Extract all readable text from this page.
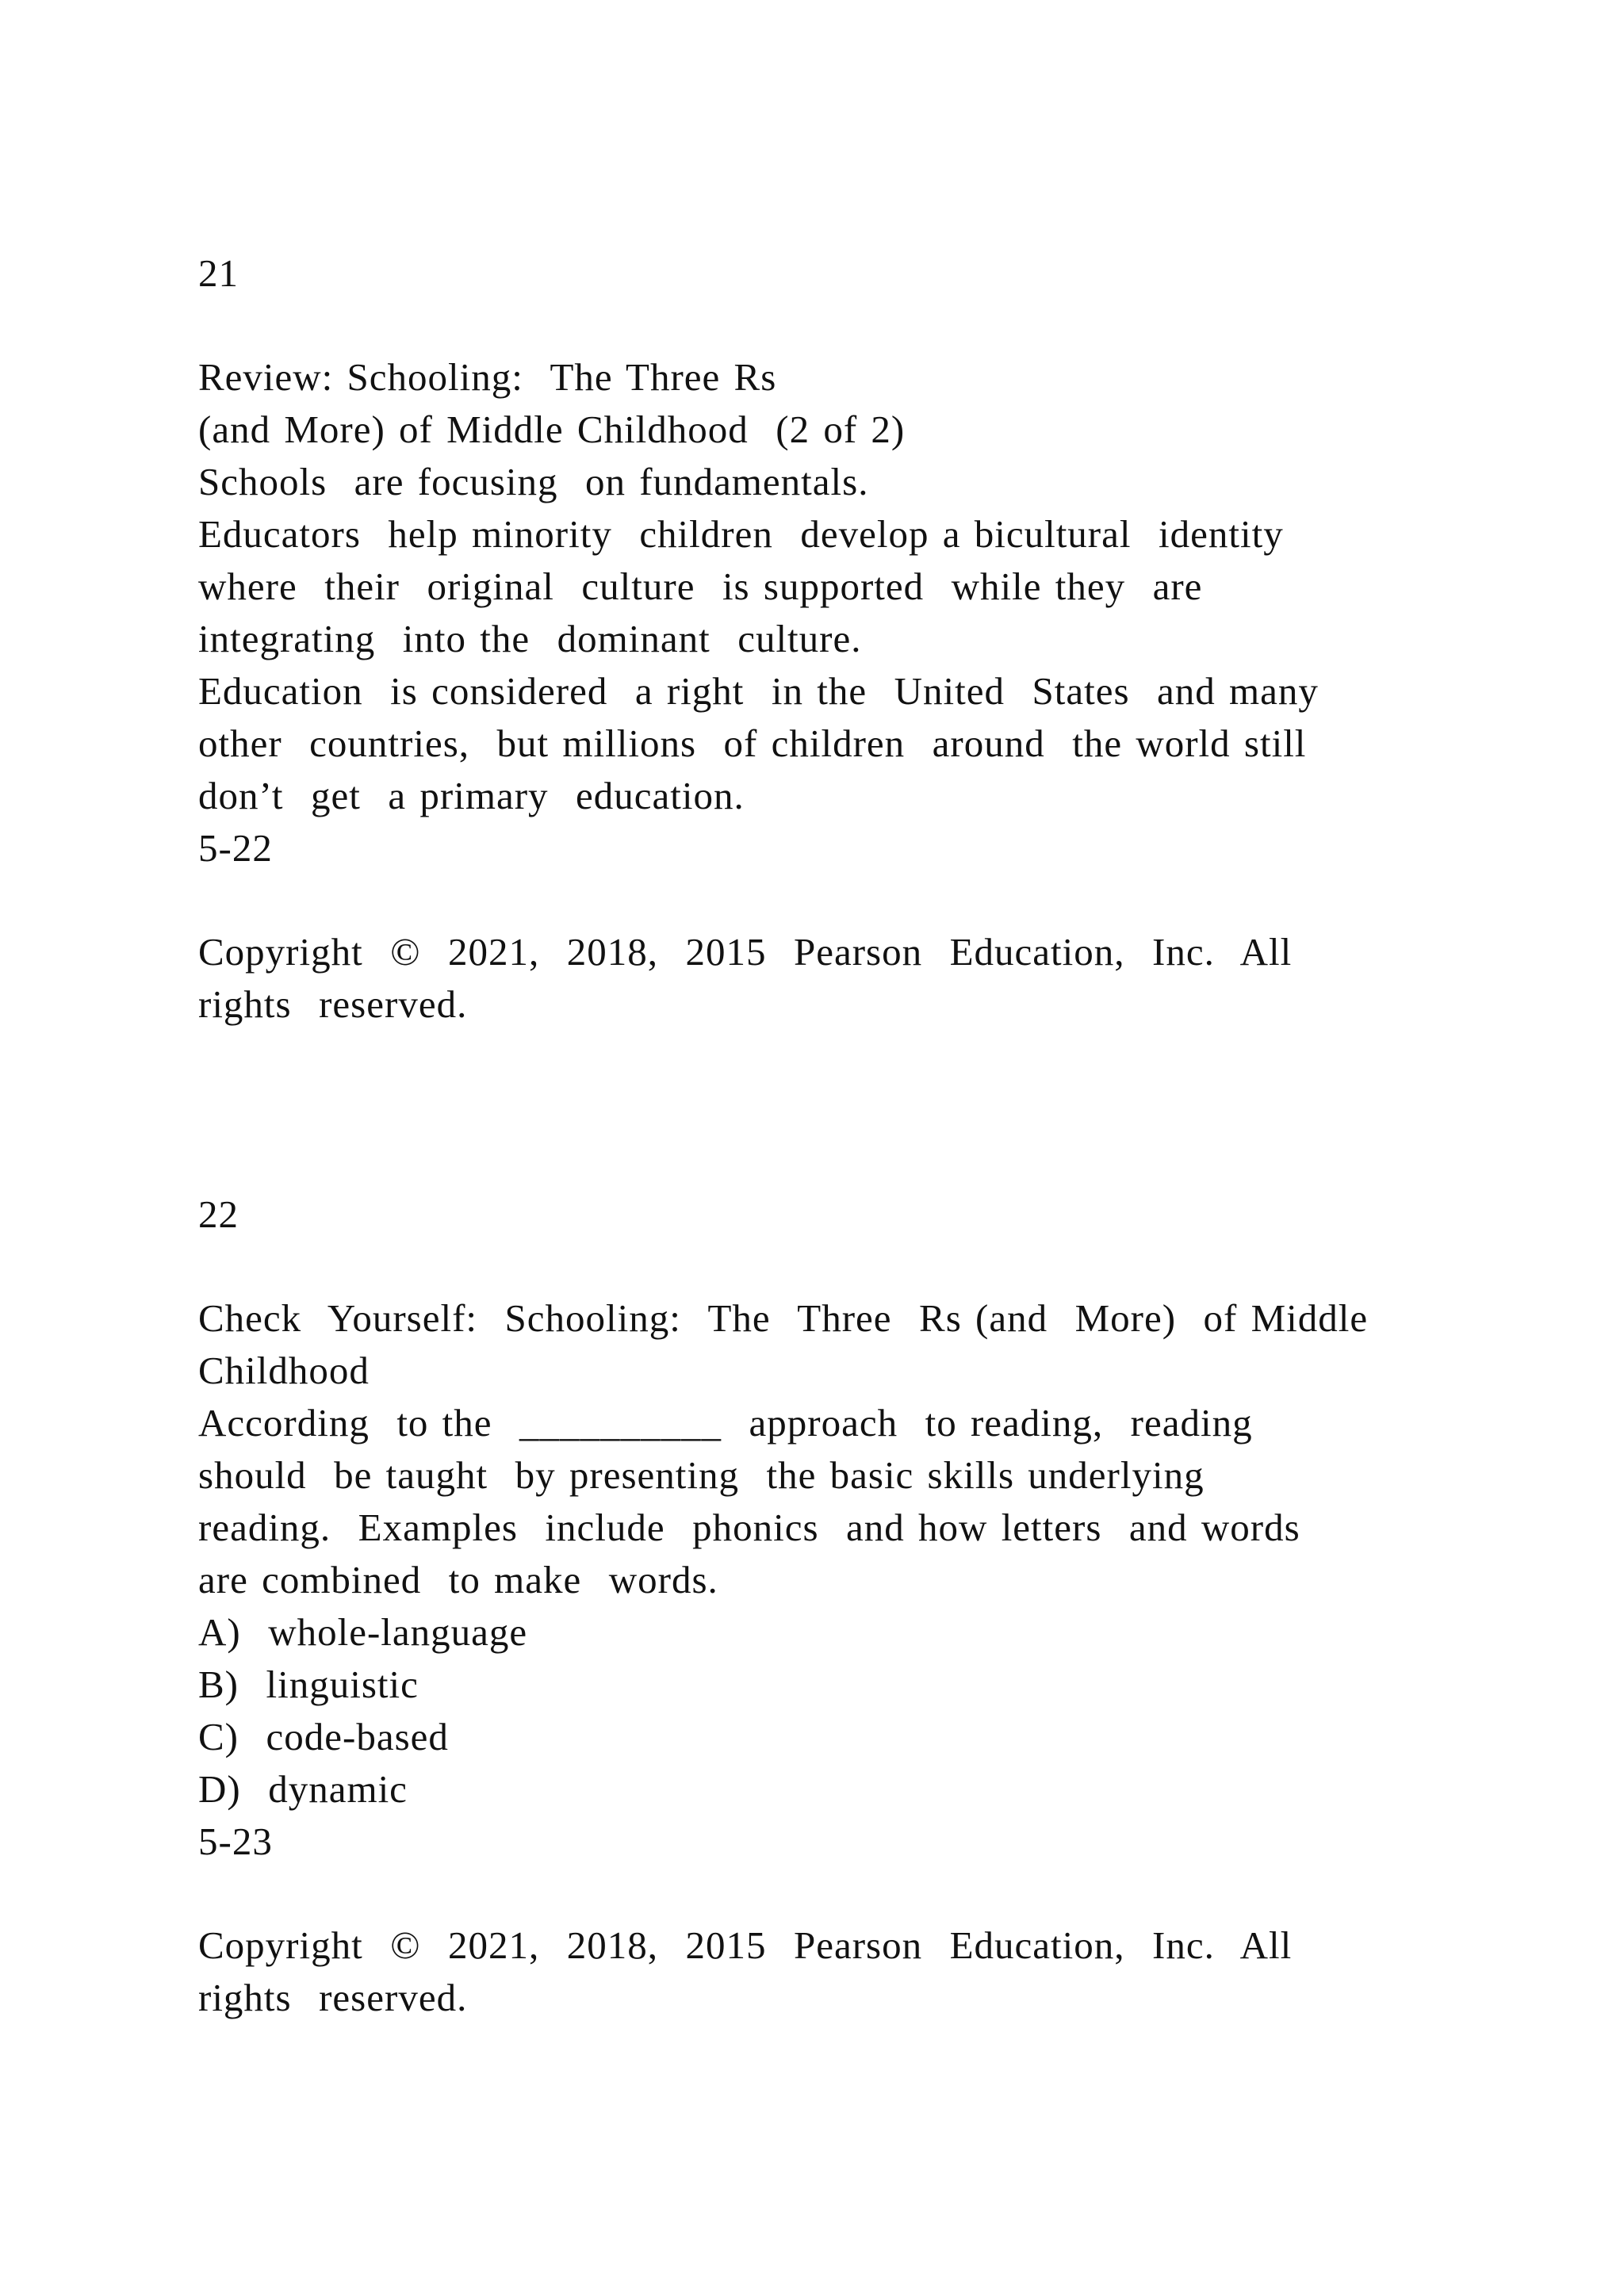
21

Review: Schooling:  The Three Rs

(and More) of Middle Childhood  (2 of 2)

Schools  are focusing  on fundamentals.

Educators  help minority  children  develop a bicultural  identity

where  their  original  culture  is supported  while they  are

integrating  into the  dominant  culture.

Education  is considered  a right  in the  United  States  and many

other  countries,  but millions  of children  around  the world still

don’t  get  a primary  education.

5-22

Copyright  ©  2021,  2018,  2015  Pearson  Education,  Inc.  All

rights  reserved.

22

Check  Yourself:  Schooling:  The  Three  Rs (and  More)  of Middle

Childhood

According  to the  __________  approach  to reading,  reading

should  be taught  by presenting  the basic skills underlying

reading.  Examples  include  phonics  and how letters  and words

are combined  to make  words.

A)  whole-language

B)  linguistic

C)  code-based

D)  dynamic

5-23

Copyright  ©  2021,  2018,  2015  Pearson  Education,  Inc.  All

rights  reserved.
